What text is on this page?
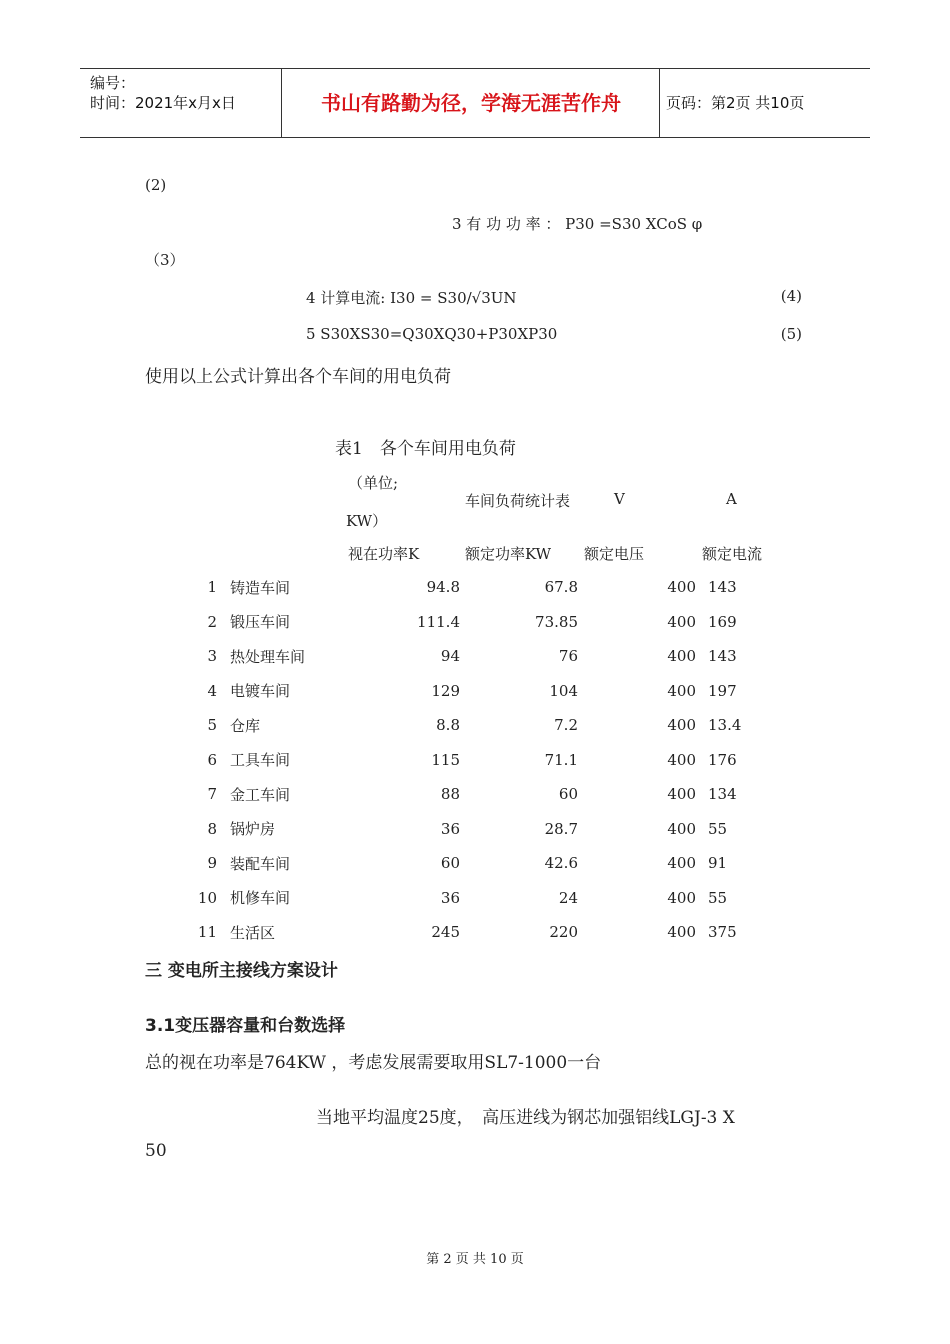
编号：
时间：2021年x月x日	书山有路勤为径，学海无涯苦作舟	页码：第2页 共10页
(2)
3 有 功 功 率 ： P30 =S30 XCoS φ
（3）
4 计算电流: I30 = S30/√3UN	(4)
5 S30XS30=Q30XQ30+P30XP30	(5)
使用以上公式计算出各个车间的用电负荷
表1　各个车间用电负荷
（单位;
KW）
车间负荷统计表	V	A
视在功率K	额定功率KW 额定电压	额定电流
1	铸造车间	94.8	67.8	400	143
2	锻压车间	111.4	73.85	400	169
3	热处理车间	94	76	400	143
4	电镀车间	129	104	400	197
5	仓库	8.8	7.2	400	13.4
6	工具车间	115	71.1	400	176
7	金工车间	88	60	400	134
8	锅炉房	36	28.7	400	55
9	装配车间	60	42.6	400	91
10	机修车间	36	24	400	55
11	生活区	245	220	400	375
三 变电所主接线方案设计
3.1变压器容量和台数选择
总的视在功率是764KW ，考虑发展需要取用SL7-1000一台
当地平均温度25度，　高压进线为钢芯加强铝线LGJ-3 X
50
第 2 页 共 10 页
